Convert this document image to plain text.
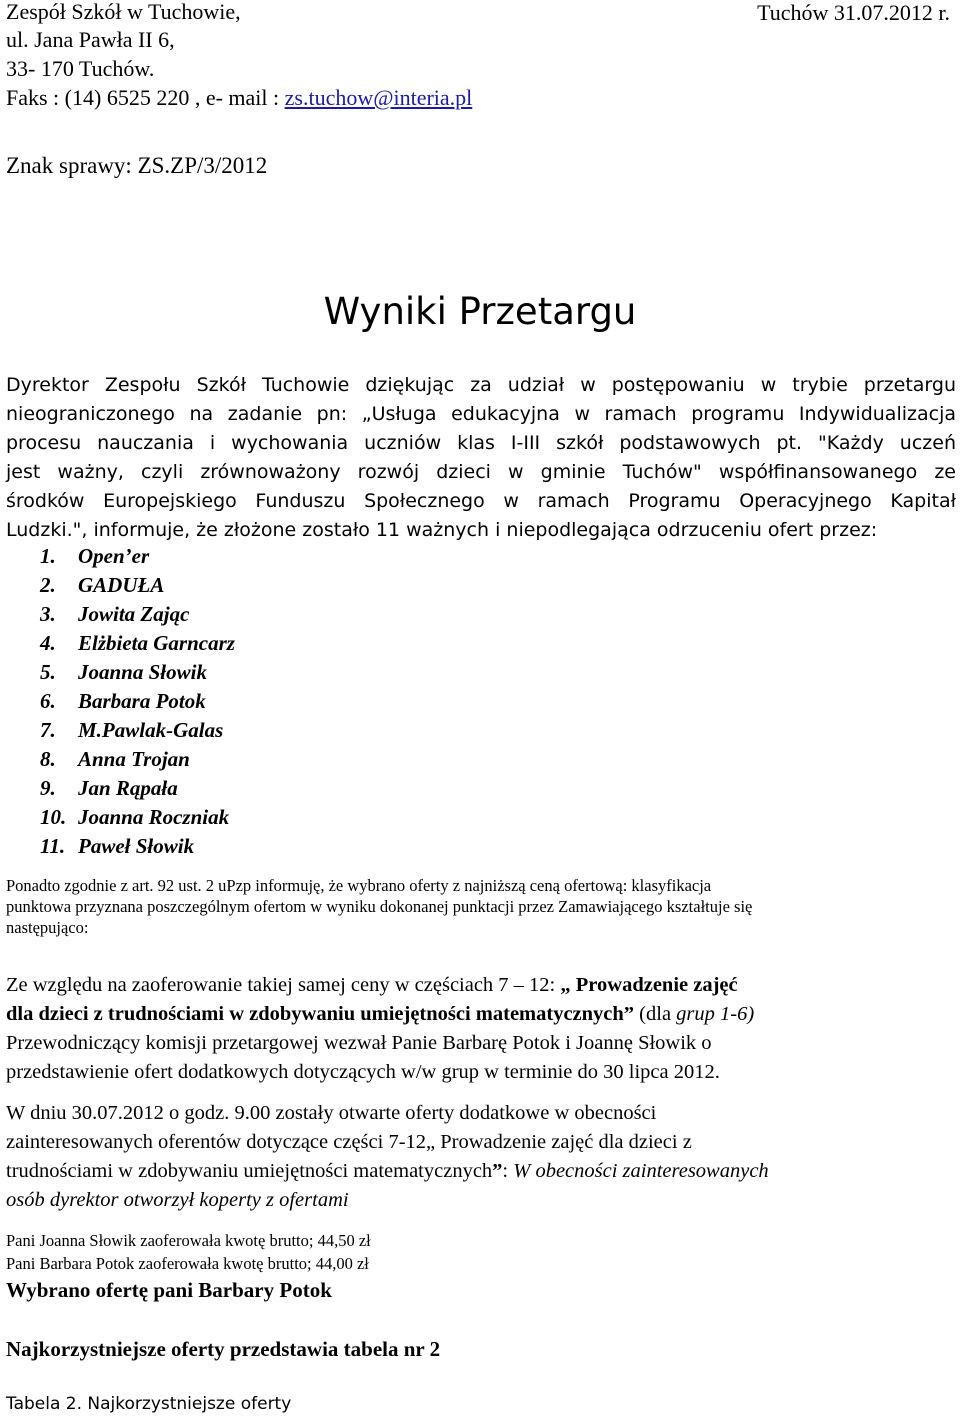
Zespół Szkół w Tuchowie,
ul. Jana Pawła II 6,
33- 170 Tuchów.
Faks : (14) 6525 220 , e- mail : zs.tuchow@interia.pl
Tuchów 31.07.2012 r.
Znak sprawy: ZS.ZP/3/2012
Wyniki Przetargu
Dyrektor Zespołu Szkół Tuchowie dziękując za udział w postępowaniu w trybie przetargu
nieograniczonego na zadanie pn: „Usługa edukacyjna w ramach programu Indywidualizacja
procesu nauczania i wychowania uczniów klas I-III szkół podstawowych pt. "Każdy uczeń
jest ważny, czyli zrównoważony rozwój dzieci w gminie Tuchów" współfinansowanego ze
środków Europejskiego Funduszu Społecznego w ramach Programu Operacyjnego Kapitał
Ludzki.", informuje, że złożone zostało 11 ważnych i niepodlegająca odrzuceniu ofert przez:
1. Open’er
2. GADUŁA
3. Jowita Zając
4. Elżbieta Garncarz
5. Joanna Słowik
6. Barbara Potok
7. M.Pawlak-Galas
8. Anna Trojan
9. Jan Rąpała
10. Joanna Roczniak
11. Paweł Słowik
Ponadto zgodnie z art. 92 ust. 2 uPzp informuję, że wybrano oferty z najniższą ceną ofertową: klasyfikacja
punktowa przyznana poszczególnym ofertom w wyniku dokonanej punktacji przez Zamawiającego kształtuje się
następująco:
Ze względu na zaoferowanie takiej samej ceny w częściach 7 – 12: „ Prowadzenie zajęć
dla dzieci z trudnościami w zdobywaniu umiejętności matematycznych” (dla grup 1-6)
Przewodniczący komisji przetargowej wezwał Panie Barbarę Potok i Joannę Słowik o
przedstawienie ofert dodatkowych dotyczących w/w grup w terminie do 30 lipca 2012.
W dniu 30.07.2012 o godz. 9.00 zostały otwarte oferty dodatkowe w obecności
zainteresowanych oferentów dotyczące części 7-12„ Prowadzenie zajęć dla dzieci z
trudnościami w zdobywaniu umiejętności matematycznych”: W obecności zainteresowanych
osób dyrektor otworzył koperty z ofertami
Pani Joanna Słowik zaoferowała kwotę brutto; 44,50 zł
Pani Barbara Potok zaoferowała kwotę brutto; 44,00 zł
Wybrano ofertę pani Barbary Potok
Najkorzystniejsze oferty przedstawia tabela nr 2
Tabela 2. Najkorzystniejsze oferty
